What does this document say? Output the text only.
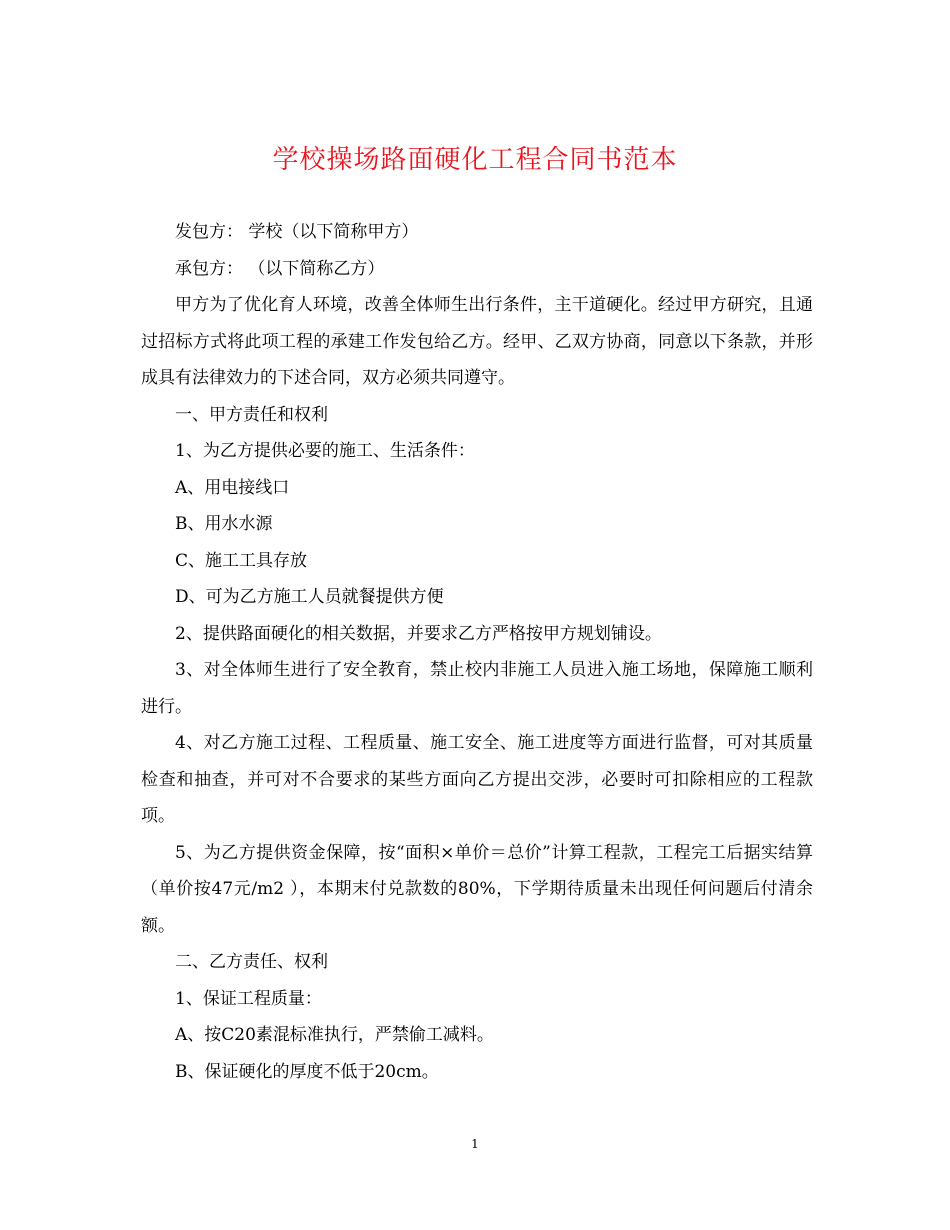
学校操场路面硬化工程合同书范本

发包方： 学校（以下简称甲方）

承包方： （以下简称乙方）

甲方为了优化育人环境，改善全体师生出行条件，主干道硬化。经过甲方研究，且通过招标方式将此项工程的承建工作发包给乙方。经甲、乙双方协商，同意以下条款，并形成具有法律效力的下述合同，双方必须共同遵守。

一、甲方责任和权利

1、为乙方提供必要的施工、生活条件：

A、用电接线口

B、用水水源

C、施工工具存放

D、可为乙方施工人员就餐提供方便

2、提供路面硬化的相关数据，并要求乙方严格按甲方规划铺设。

3、对全体师生进行了安全教育，禁止校内非施工人员进入施工场地，保障施工顺利进行。

4、对乙方施工过程、工程质量、施工安全、施工进度等方面进行监督，可对其质量检查和抽查，并可对不合要求的某些方面向乙方提出交涉，必要时可扣除相应的工程款项。

5、为乙方提供资金保障，按“面积×单价＝总价”计算工程款，工程完工后据实结算（单价按47元/m2 ），本期末付兑款数的80%，下学期待质量未出现任何问题后付清余额。

二、乙方责任、权利

1、保证工程质量：

A、按C20素混标准执行，严禁偷工减料。

B、保证硬化的厚度不低于20cm。

1
